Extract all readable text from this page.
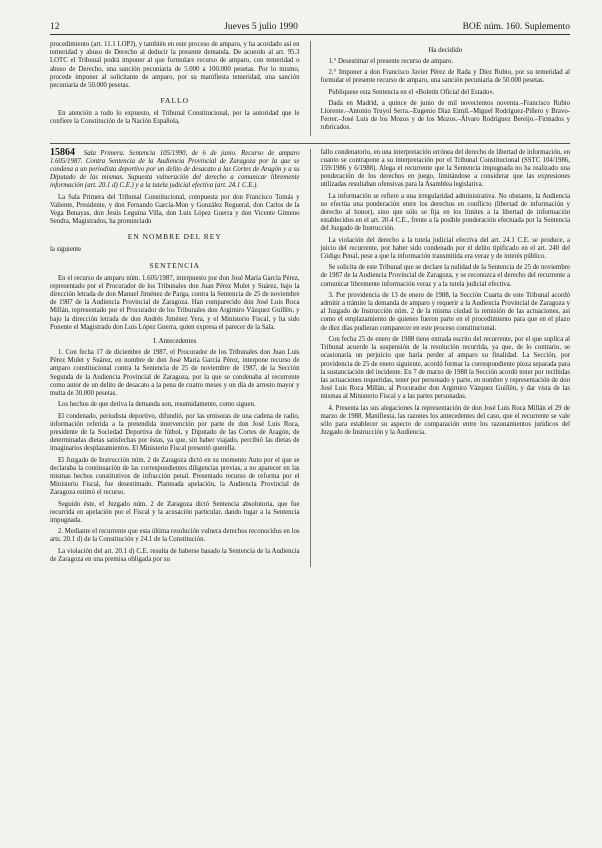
12	Jueves 5 julio 1990	BOE núm. 160. Suplemento

procedimiento (art. 11.1 LOPJ), y también en este proceso de amparo, y ha acordado así en temeridad y abuso de Derecho al deducir la presente demanda. De acuerdo al art. 95.3 LOTC el Tribunal podrá imponer al que formulare recurso de amparo, con temeridad o abuso de Derecho, una sanción pecuniaria de 5.000 a 100.000 pesetas. Por lo mismo, procede imponer al solicitante de amparo, por su manifiesta temeridad, una sanción pecuniaria de 50.000 pesetas.

FALLO

En atención a todo lo expuesto, el Tribunal Constitucional, por la autoridad que le confiere la Constitución de la Nación Española,

Ha decidido
1.° Desestimar el presente recurso de amparo.
2.° Imponer a don Francisco Javier Pérez de Rada y Díez Rubio, por su temeridad al formular el presente recurso de amparo, una sanción pecuniaria de 50.000 pesetas.

Publíquese esta Sentencia en el «Boletín Oficial del Estado».

Dada en Madrid, a quince de junio de mil novecientos noventa.–Francisco Rubio Llorente.–Antonio Truyol Serra.–Eugenio Díaz Eimil.–Miguel Rodríguez-Piñero y Bravo-Ferrer.–José Luis de los Mozos y de los Mozos.–Álvaro Rodríguez Bereijo.–Firmados y rubricados.

15864 Sala Primera. Sentencia 105/1990, de 6 de junio. Recurso de amparo 1.605/1987. Contra Sentencia de la Audiencia Provincial de Zaragoza por la que se condena a un periodista deportivo por un delito de desacato a las Cortes de Aragón y a su Diputado de las mismas. Supuesta vulneración del derecho a comunicar libremente información (art. 20.1 d) C.E.) y a la tutela judicial efectiva (art. 24.1 C.E.).

La Sala Primera del Tribunal Constitucional, compuesta por don Francisco Tomás y Valiente, Presidente, y don Fernando García-Mon y González Regueral, don Carlos de la Vega Benayas, don Jesús Leguina Villa, don Luis López Guerra y don Vicente Gimeno Sendra, Magistrados, ha pronunciado

EN NOMBRE DEL REY

la siguiente

SENTENCIA

En el recurso de amparo núm. 1.605/1987, interpuesto por don José María García Pérez, representado por el Procurador de los Tribunales don Juan Pérez Mulet y Suárez, bajo la dirección letrada de don Manuel Jiménez de Parga, contra la Sentencia de 25 de noviembre de 1987 de la Audiencia Provincial de Zaragoza. Han comparecido don José Luis Roca Millán, representado por el Procurador de los Tribunales don Argimiro Vázquez Guillén, y bajo la dirección letrada de don Andrés Jiménez Yera, y el Ministerio Fiscal, y ha sido Ponente el Magistrado don Luis López Guerra, quien expresa el parecer de la Sala.

I. Antecedentes

1. Con fecha 17 de diciembre de 1987, el Procurador de los Tribunales don Juan Luis Pérez Mulet y Suárez, en nombre de don José María García Pérez, interpone recurso de amparo constitucional contra la Sentencia de 25 de noviembre de 1987, de la Sección Segunda de la Audiencia Provincial de Zaragoza, por la que se condenaba al recurrente como autor de un delito de desacato a la pena de cuatro meses y un día de arresto mayor y multa de 30.000 pesetas.

Los hechos de que deriva la demanda son, resumidamente, como siguen.

El condenado, periodista deportivo, difundió, por las emisoras de una cadena de radio, información referida a la pretendida intervención por parte de don José Luis Roca, presidente de la Sociedad Deportiva de fútbol, y Diputado de las Cortes de Aragón, de determinadas dietas satisfechas por éstas, ya que, sin haber viajado, percibió las dietas de imaginarios desplazamientos. El Ministerio Fiscal presentó querella.

El Juzgado de Instrucción núm. 2 de Zaragoza dictó en su momento Auto por el que se declaraba la continuación de las correspondientes diligencias previas, a no aparecer en las mismas hechos constitutivos de infracción penal. Presentado recurso de reforma por el Ministerio Fiscal, fue desestimado. Planteada apelación, la Audiencia Provincial de Zaragoza estimó el recurso.

Seguido éste, el Juzgado núm. 2 de Zaragoza dictó Sentencia absolutoria, que fue recurrida en apelación por el Fiscal y la acusación particular, dando lugar a la Sentencia impugnada.

2. Mediante el recurrente que esta última resolución vulnera derechos reconocidos en los arts. 20.1 d) de la Constitución y 24.1 de la Constitución.

La violación del art. 20.1 d) C.E. resulta de haberse basado la Sentencia de la Audiencia de Zaragoza en una premisa obligada por su

fallo condenatorio, en una interpretación errónea del derecho de libertad de información, en cuanto se contrapone a su interpretación por el Tribunal Constitucional (SSTC 104/1986, 159/1986 y 6/1988). Alega el recurrente que la Sentencia impugnada no ha realizado una ponderación de los derechos en juego, limitándose a considerar que las expresiones utilizadas resultaban ofensivas para la Asamblea legislativa.

La información se refiere a una irregularidad administrativa. No obstante, la Audiencia no efectúa una ponderación entre los derechos en conflicto (libertad de información y derecho al honor), sino que sólo se fija en los límites a la libertad de información establecidos en el art. 20.4 C.E., frente a la posible ponderación efectuada por la Sentencia del Juzgado de Instrucción.

La violación del derecho a la tutela judicial efectiva del art. 24.1 C.E. se produce, a juicio del recurrente, por haber sido condenado por el delito tipificado en el art. 240 del Código Penal, pese a que la información transmitida era veraz y de interés público.

Se solicita de este Tribunal que se declare la nulidad de la Sentencia de 25 de noviembre de 1987 de la Audiencia Provincial de Zaragoza, y se reconozca el derecho del recurrente a comunicar libremente información veraz y a la tutela judicial efectiva.

3. Por providencia de 13 de enero de 1988, la Sección Cuarta de este Tribunal acordó admitir a trámite la demanda de amparo y requerir a la Audiencia Provincial de Zaragoza y al Juzgado de Instrucción núm. 2 de la misma ciudad la remisión de las actuaciones, así como el emplazamiento de quienes fueron parte en el procedimiento para que en el plazo de diez días pudieran comparecer en este proceso constitucional.

Con fecha 25 de enero de 1988 tiene entrada escrito del recurrente, por el que suplica al Tribunal acuerde la suspensión de la resolución recurrida, ya que, de lo contrario, se ocasionaría un perjuicio que haría perder al amparo su finalidad. La Sección, por providencia de 25 de enero siguiente, acordó formar la correspondiente pieza separada para la sustanciación del incidente. En 7 de marzo de 1988 la Sección acordó tener por recibidas las actuaciones requeridas, tener por personado y parte, en nombre y representación de don José Luis Roca Millán, al Procurador don Argimiro Vázquez Guillén, y dar vista de las mismas al Ministerio Fiscal y a las partes personadas.

4. Presenta las sus alegaciones la representación de don José Luis Roca Millán el 29 de marzo de 1988. Manifiesta, las razones los antecedentes del caso, que el recurrente se vale sólo para establecer su aspecto de comparación entre los razonamientos jurídicos del Juzgado de Instrucción y la Audiencia.
